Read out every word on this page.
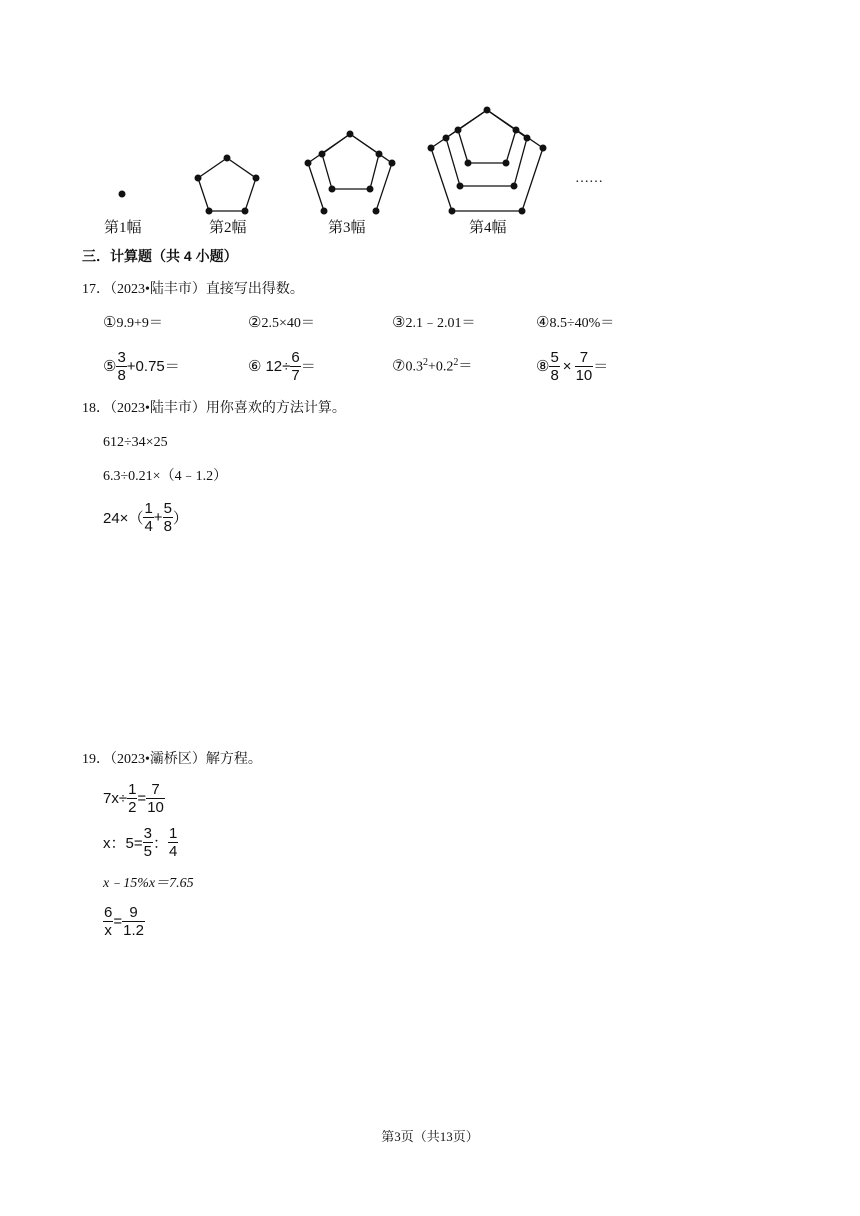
第1幅	第2幅	第3幅	第4幅
……
三．计算题（共 4 小题）
17．（2023•陆丰市）直接写出得数。
①9.9+9＝	②2.5×40＝	③2.1﹣2.01＝	④8.5÷40%＝
⑤ $\frac{3}{8} +0.75=$	⑥ $12\div \frac{6}{7}$ ＝	$⑦0.3^2+0.2^2=$	⑧ $\frac{5}{8} \times \frac{7}{10}$ ＝
18．（2023•陆丰市）用你喜欢的方法计算。
612÷34×25
6.3÷0.21×（4﹣1.2）
$24\times( \frac{1}{4} + \frac{5}{8}$ ）
19．（2023•灞桥区）解方程。
$7x\div \frac{1}{2} = \frac{7}{10}$
x：$5= \frac{3}{5}$ ： $\frac{1}{4}$
x﹣15%x＝7.65
$\frac{6}{x} = \frac{9}{1.2}$
第3页（共13页）
